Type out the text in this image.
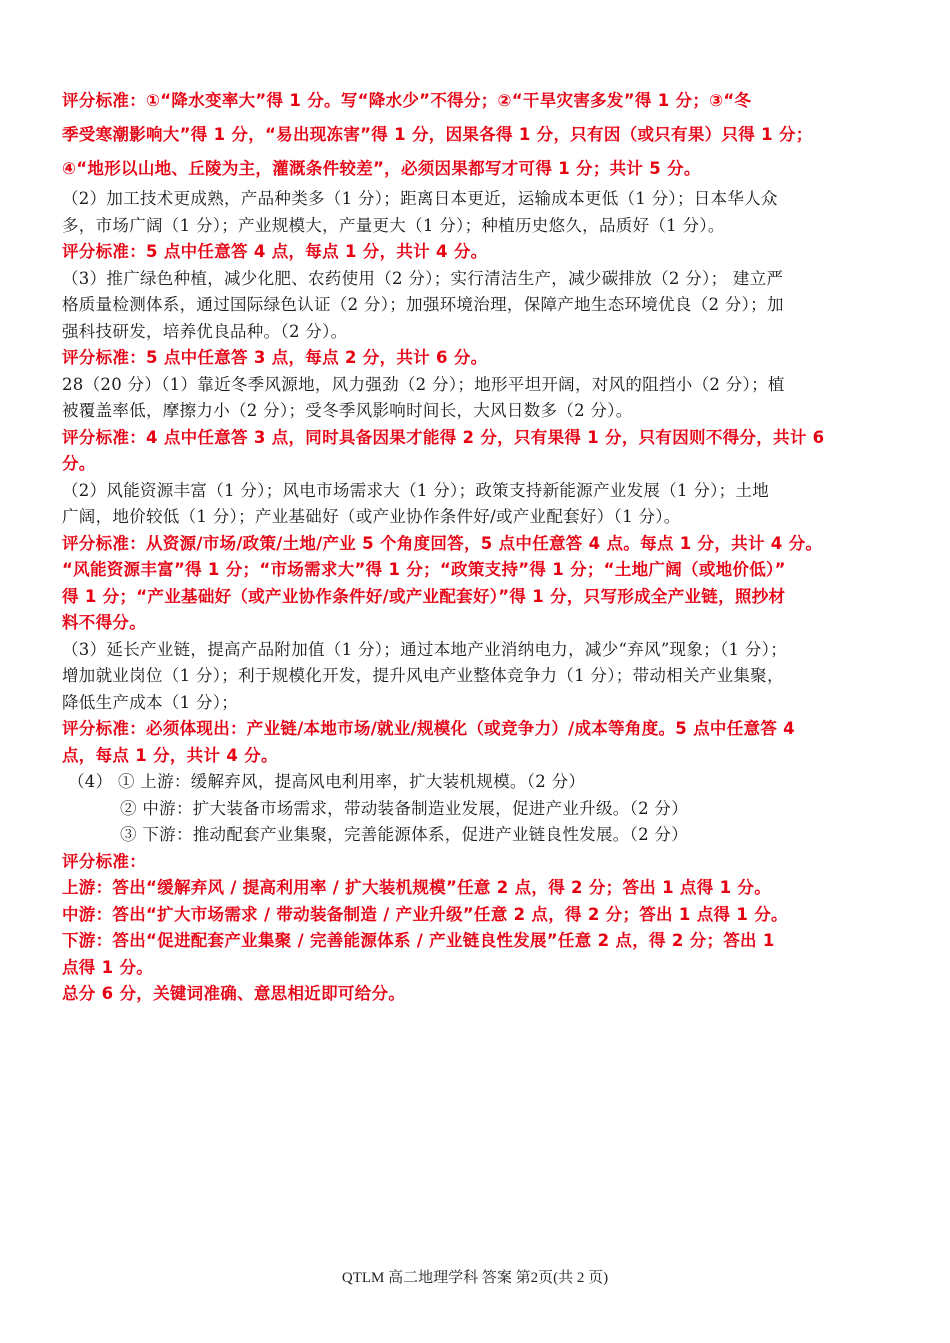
评分标准：①“降水变率大”得 1 分。写“降水少”不得分；②“干旱灾害多发”得 1 分；③“冬

季受寒潮影响大”得 1 分，“易出现冻害”得 1 分，因果各得 1 分，只有因（或只有果）只得 1 分；

④“地形以山地、丘陵为主，灌溉条件较差”，必须因果都写才可得 1 分；共计 5 分。

（2）加工技术更成熟，产品种类多（1 分）；距离日本更近，运输成本更低（1 分）；日本华人众

多，市场广阔（1 分）；产业规模大，产量更大（1 分）；种植历史悠久，品质好（1 分）。

评分标准：5 点中任意答 4 点，每点 1 分，共计 4 分。

（3）推广绿色种植，减少化肥、农药使用（2 分）；实行清洁生产，减少碳排放（2 分）； 建立严

格质量检测体系，通过国际绿色认证（2 分）；加强环境治理，保障产地生态环境优良（2 分）；加

强科技研发，培养优良品种。（2 分）。

评分标准：5 点中任意答 3 点，每点 2 分，共计 6 分。

28（20 分）（1）靠近冬季风源地，风力强劲（2 分）；地形平坦开阔，对风的阻挡小（2 分）；植

被覆盖率低，摩擦力小（2 分）；受冬季风影响时间长，大风日数多（2 分）。

评分标准：4 点中任意答 3 点，同时具备因果才能得 2 分，只有果得 1 分，只有因则不得分，共计 6

分。

（2）风能资源丰富（1 分）；风电市场需求大（1 分）；政策支持新能源产业发展（1 分）；土地

广阔，地价较低（1 分）；产业基础好（或产业协作条件好/或产业配套好）（1 分）。

评分标准：从资源/市场/政策/土地/产业 5 个角度回答，5 点中任意答 4 点。每点 1 分，共计 4 分。

“风能资源丰富”得 1 分；“市场需求大”得 1 分；“政策支持”得 1 分；“土地广阔（或地价低）”

得 1 分；“产业基础好（或产业协作条件好/或产业配套好）”得 1 分，只写形成全产业链，照抄材

料不得分。

（3）延长产业链，提高产品附加值（1 分）；通过本地产业消纳电力，减少“弃风”现象；（1 分）；

增加就业岗位（1 分）；利于规模化开发，提升风电产业整体竞争力（1 分）；带动相关产业集聚，

降低生产成本（1 分）；

评分标准：必须体现出：产业链/本地市场/就业/规模化（或竞争力）/成本等角度。5 点中任意答 4

点，每点 1 分，共计 4 分。

（4） ① 上游：缓解弃风，提高风电利用率，扩大装机规模。（2 分）

② 中游：扩大装备市场需求，带动装备制造业发展，促进产业升级。（2 分）

③ 下游：推动配套产业集聚，完善能源体系，促进产业链良性发展。（2 分）

评分标准：

上游：答出“缓解弃风 / 提高利用率 / 扩大装机规模”任意 2 点，得 2 分；答出 1 点得 1 分。

中游：答出“扩大市场需求 / 带动装备制造 / 产业升级”任意 2 点，得 2 分；答出 1 点得 1 分。

下游：答出“促进配套产业集聚 / 完善能源体系 / 产业链良性发展”任意 2 点，得 2 分；答出 1

点得 1 分。

总分 6 分，关键词准确、意思相近即可给分。

QTLM 高二地理学科 答案 第2页(共 2 页)
